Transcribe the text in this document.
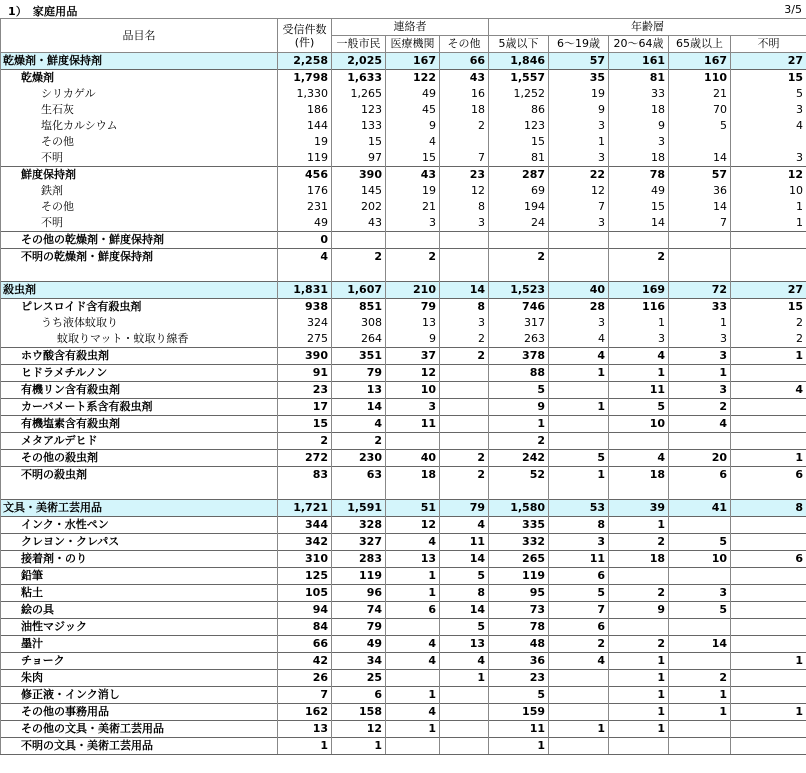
1）　家庭用品	3/5
品目名	受信件数
(件)	連絡者			年齢層				
		一般市民	医療機関	その他	5歳以下	6～19歳	20～64歳	65歳以上	不明
乾燥剤・鮮度保持剤	2,258	2,025	167	66	1,846	57	161	167	27
乾燥剤	1,798	1,633	122	43	1,557	35	81	110	15
シリカゲル	1,330	1,265	49	16	1,252	19	33	21	5
生石灰	186	123	45	18	86	9	18	70	3
塩化カルシウム	144	133	9	2	123	3	9	5	4
その他	19	15	4		15	1	3		
不明	119	97	15	7	81	3	18	14	3
鮮度保持剤	456	390	43	23	287	22	78	57	12
鉄剤	176	145	19	12	69	12	49	36	10
その他	231	202	21	8	194	7	15	14	1
不明	49	43	3	3	24	3	14	7	1
その他の乾燥剤・鮮度保持剤	0								
不明の乾燥剤・鮮度保持剤	4	2	2		2		2		

殺虫剤	1,831	1,607	210	14	1,523	40	169	72	27
ピレスロイド含有殺虫剤	938	851	79	8	746	28	116	33	15
うち液体蚊取り	324	308	13	3	317	3	1	1	2
蚊取りマット・蚊取り線香	275	264	9	2	263	4	3	3	2
ホウ酸含有殺虫剤	390	351	37	2	378	4	4	3	1
ヒドラメチルノン	91	79	12		88	1	1	1	
有機リン含有殺虫剤	23	13	10		5		11	3	4
カーバメート系含有殺虫剤	17	14	3		9	1	5	2	
有機塩素含有殺虫剤	15	4	11		1		10	4	
メタアルデヒド	2	2			2				
その他の殺虫剤	272	230	40	2	242	5	4	20	1
不明の殺虫剤	83	63	18	2	52	1	18	6	6

文具・美術工芸用品	1,721	1,591	51	79	1,580	53	39	41	8
インク・水性ペン	344	328	12	4	335	8	1		
クレヨン・クレパス	342	327	4	11	332	3	2	5	
接着剤・のり	310	283	13	14	265	11	18	10	6
鉛筆	125	119	1	5	119	6			
粘土	105	96	1	8	95	5	2	3	
絵の具	94	74	6	14	73	7	9	5	
油性マジック	84	79		5	78	6			
墨汁	66	49	4	13	48	2	2	14	
チョーク	42	34	4	4	36	4	1		1
朱肉	26	25		1	23		1	2	
修正液・インク消し	7	6	1		5		1	1	
その他の事務用品	162	158	4		159		1	1	1
その他の文具・美術工芸用品	13	12	1		11	1	1		
不明の文具・美術工芸用品	1	1			1				
